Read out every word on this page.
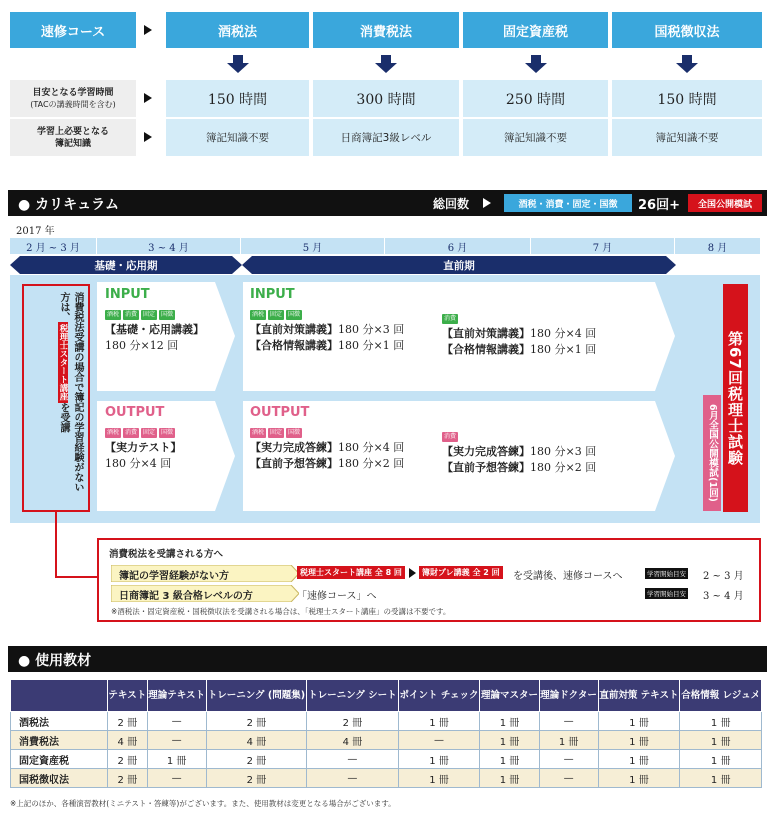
速修コース	酒税法	消費税法	固定資産税	国税徴収法
目安となる学習時間
(TACの講義時間を含む)	150 時間	300 時間	250 時間	150 時間
学習上必要となる
簿記知識	簿記知識不要	日商簿記3級レベル	簿記知識不要	簿記知識不要
● カリキュラム	総回数	酒税・消費・固定・国徴 26回+ 全国公開模試
2017 年
2 月 ~ 3 月	3 ~ 4 月	5 月	6 月	7 月	8 月
基礎・応用期	直前期
消費税法受講の場合で簿記の学習経験がない方は、税理士スタート講座を受講
INPUT
酒税 消費 固定 国徴
【基礎・応用講義】
180 分×12 回
OUTPUT
酒税 消費 固定 国徴
【実力テスト】
180 分×4 回
INPUT
酒税 固定 国徴
【直前対策講義】180 分×3 回
【合格情報講義】180 分×1 回
消費
【直前対策講義】180 分×4 回
【合格情報講義】180 分×1 回
OUTPUT
酒税 固定 国徴
【実力完成答練】180 分×4 回
【直前予想答練】180 分×2 回
消費
【実力完成答練】180 分×3 回
【直前予想答練】180 分×2 回	6月全国公開模試(1回) 第67回税理士試験
消費税法を受講される方へ
簿記の学習経験がない方	税理士スタート講座 全 8 回	簿財プレ講義 全 2 回	を受講後、速修コースへ	学習開始目安 2 ~ 3 月
日商簿記 3 級合格レベルの方	「速修コース」へ	学習開始目安 3 ~ 4 月
※酒税法・固定資産税・国税徴収法を受講される場合は、「税理士スタート講座」の受講は不要です。
● 使用教材
	テキスト	理論テキスト	トレーニング (問題集)	トレーニング シート	ポイント チェック	理論マスター	理論ドクター	直前対策 テキスト	合格情報 レジュメ
酒税法	2 冊	—	2 冊	2 冊	1 冊	1 冊	—	1 冊	1 冊
消費税法	4 冊	—	4 冊	4 冊	—	1 冊	1 冊	1 冊	1 冊
固定資産税	2 冊	1 冊	2 冊	—	1 冊	1 冊	—	1 冊	1 冊
国税徴収法	2 冊	—	2 冊	—	1 冊	1 冊	—	1 冊	1 冊
※上記のほか、各種演習教材(ミニテスト・答練等)がございます。また、使用教材は変更となる場合がございます。
